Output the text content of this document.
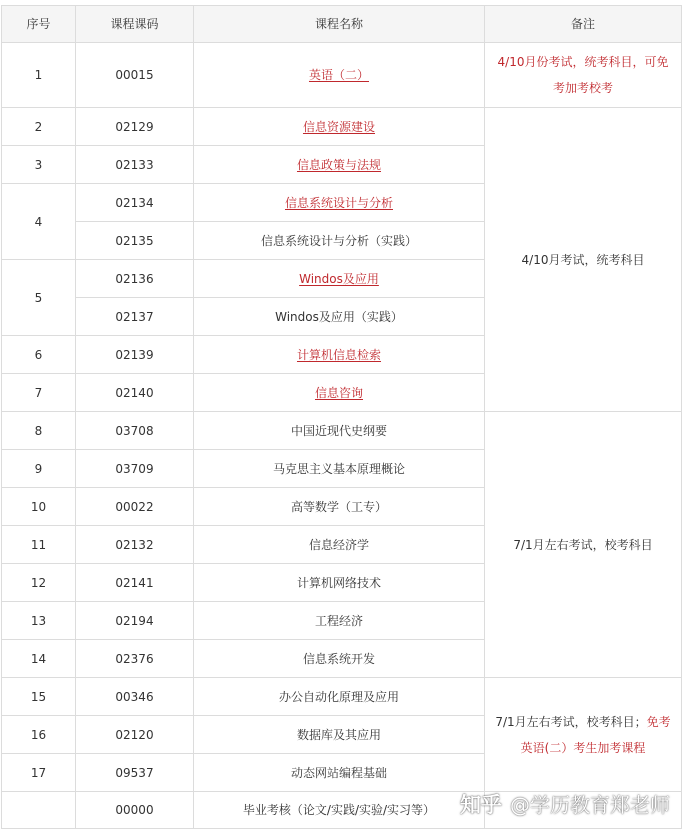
序号	课程课码	课程名称	备注
1	00015	英语（二）	4/10月份考试，统考科目，可免考加考校考
2	02129	信息资源建设	4/10月考试，统考科目
3	02133	信息政策与法规	
4	02134	信息系统设计与分析	
	02135	信息系统设计与分析（实践）	
5	02136	Windos及应用	
	02137	Windos及应用（实践）	
6	02139	计算机信息检索	
7	02140	信息咨询	
8	03708	中国近现代史纲要	7/1月左右考试，校考科目
9	03709	马克思主义基本原理概论	
10	00022	高等数学（工专）	
11	02132	信息经济学	
12	02141	计算机网络技术	
13	02194	工程经济	
14	02376	信息系统开发	
15	00346	办公自动化原理及应用	7/1月左右考试，校考科目；免考英语(二）考生加考课程
16	02120	数据库及其应用	
17	09537	动态网站编程基础	
	00000	毕业考核（论文/实践/实验/实习等）	知乎 @学历教育郑老师
